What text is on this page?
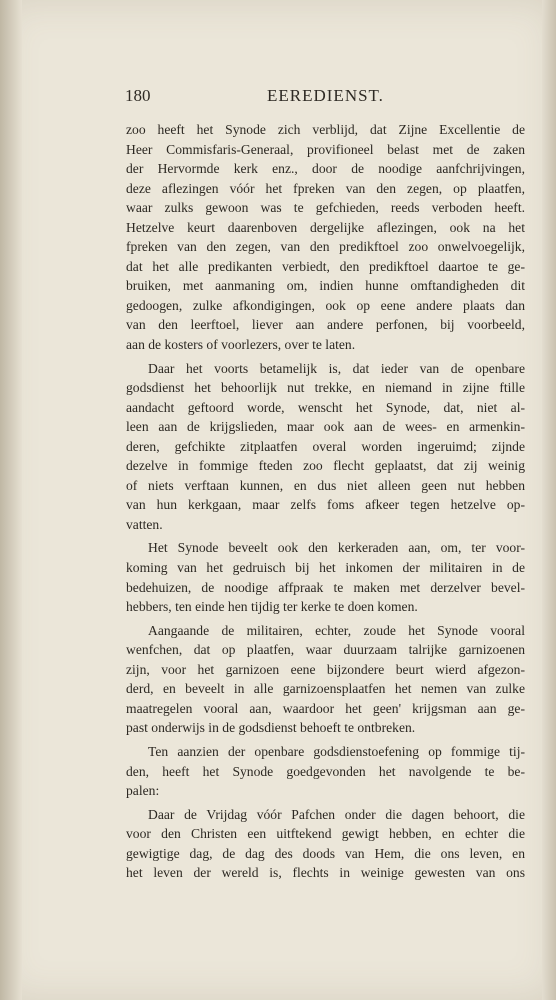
180	EEREDIENST.
zoo heeft het Synode zich verblijd, dat Zijne Excellentie de
Heer Commisfaris-Generaal, provifioneel belast met de zaken
der Hervormde kerk enz., door de noodige aanfchrijvingen,
deze aflezingen vóór het fpreken van den zegen, op plaatfen,
waar zulks gewoon was te gefchieden, reeds verboden heeft.
Hetzelve keurt daarenboven dergelijke aflezingen, ook na het
fpreken van den zegen, van den predikftoel zoo onwelvoegelijk,
dat het alle predikanten verbiedt, den predikftoel daartoe te ge-
bruiken, met aanmaning om, indien hunne omftandigheden dit
gedoogen, zulke afkondigingen, ook op eene andere plaats dan
van den leerftoel, liever aan andere perfonen, bij voorbeeld,
aan de kosters of voorlezers, over te laten.
Daar het voorts betamelijk is, dat ieder van de openbare
godsdienst het behoorlijk nut trekke, en niemand in zijne ftille
aandacht geftoord worde, wenscht het Synode, dat, niet al-
leen aan de krijgslieden, maar ook aan de wees- en armenkin-
deren, gefchikte zitplaatfen overal worden ingeruimd; zijnde
dezelve in fommige fteden zoo flecht geplaatst, dat zij weinig
of niets verftaan kunnen, en dus niet alleen geen nut hebben
van hun kerkgaan, maar zelfs foms afkeer tegen hetzelve op-
vatten.
Het Synode beveelt ook den kerkeraden aan, om, ter voor-
koming van het gedruisch bij het inkomen der militairen in de
bedehuizen, de noodige affpraak te maken met derzelver bevel-
hebbers, ten einde hen tijdig ter kerke te doen komen.
Aangaande de militairen, echter, zoude het Synode vooral
wenfchen, dat op plaatfen, waar duurzaam talrijke garnizoenen
zijn, voor het garnizoen eene bijzondere beurt wierd afgezon-
derd, en beveelt in alle garnizoensplaatfen het nemen van zulke
maatregelen vooral aan, waardoor het geen' krijgsman aan ge-
past onderwijs in de godsdienst behoeft te ontbreken.
Ten aanzien der openbare godsdienstoefening op fommige tij-
den, heeft het Synode goedgevonden het navolgende te be-
palen:
Daar de Vrijdag vóór Pafchen onder die dagen behoort, die
voor den Christen een uitftekend gewigt hebben, en echter die
gewigtige dag, de dag des doods van Hem, die ons leven, en
het leven der wereld is, flechts in weinige gewesten van ons
